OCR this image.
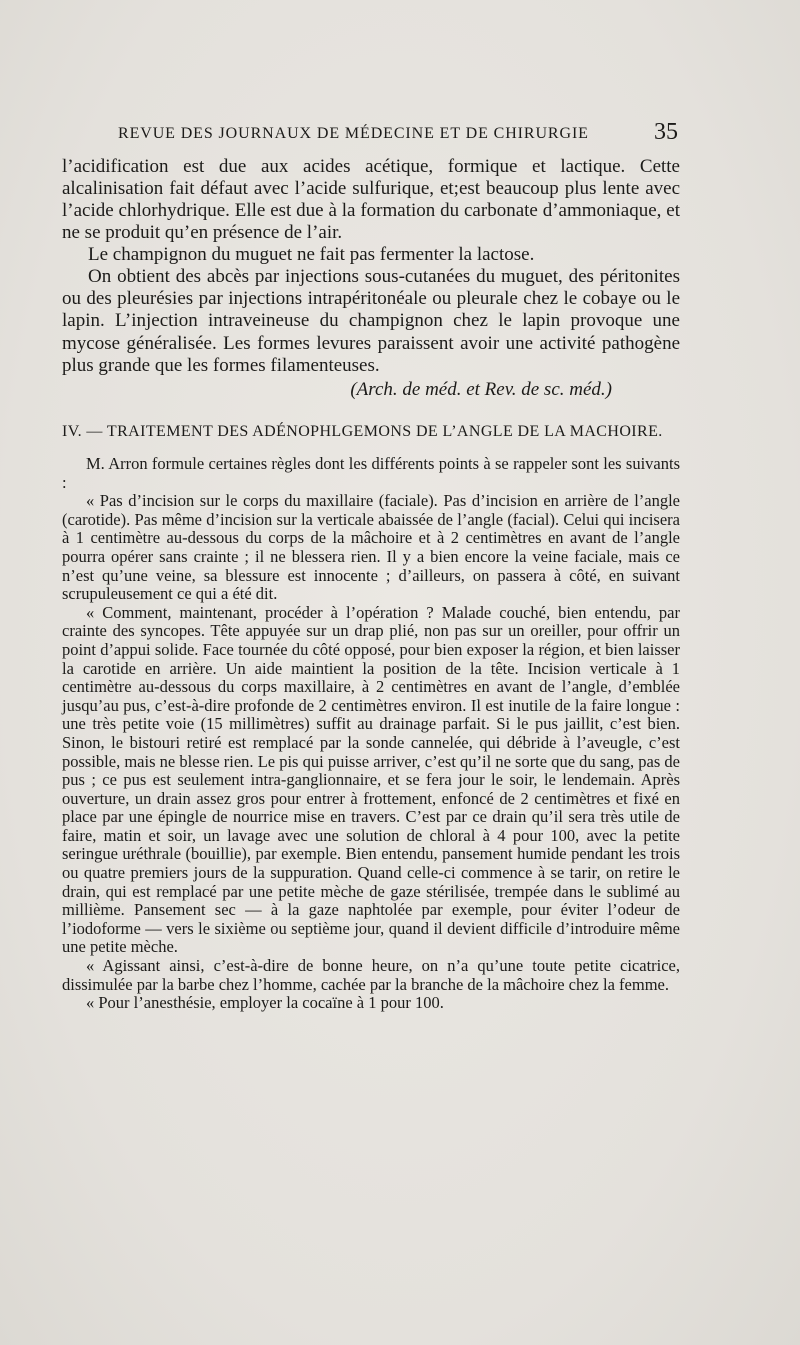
REVUE DES JOURNAUX DE MÉDECINE ET DE CHIRURGIE	35

l’acidification est due aux acides acétique, formique et lactique. Cette alcalinisation fait défaut avec l’acide sulfurique, et;est beaucoup plus lente avec l’acide chlorhydrique. Elle est due à la formation du carbonate d’ammoniaque, et ne se produit qu’en présence de l’air.

Le champignon du muguet ne fait pas fermenter la lactose.

On obtient des abcès par injections sous-cutanées du muguet, des péritonites ou des pleurésies par injections intrapéritonéale ou pleurale chez le cobaye ou le lapin. L’injection intraveineuse du champignon chez le lapin provoque une mycose généralisée. Les formes levures paraissent avoir une activité pathogène plus grande que les formes filamenteuses.

(Arch. de méd. et Rev. de sc. méd.)

IV. — TRAITEMENT DES ADÉNOPHLGEMONS DE L’ANGLE DE LA MACHOIRE.

M. Arron formule certaines règles dont les différents points à se rappeler sont les suivants :

« Pas d’incision sur le corps du maxillaire (faciale). Pas d’incision en arrière de l’angle (carotide). Pas même d’incision sur la verticale abaissée de l’angle (facial). Celui qui incisera à 1 centimètre au-dessous du corps de la mâchoire et à 2 centimètres en avant de l’angle pourra opérer sans crainte ; il ne blessera rien. Il y a bien encore la veine faciale, mais ce n’est qu’une veine, sa blessure est innocente ; d’ailleurs, on passera à côté, en suivant scrupuleusement ce qui a été dit.

« Comment, maintenant, procéder à l’opération ? Malade couché, bien entendu, par crainte des syncopes. Tête appuyée sur un drap plié, non pas sur un oreiller, pour offrir un point d’appui solide. Face tournée du côté opposé, pour bien exposer la région, et bien laisser la carotide en arrière. Un aide maintient la position de la tête. Incision verticale à 1 centimètre au-dessous du corps maxillaire, à 2 centimètres en avant de l’angle, d’emblée jusqu’au pus, c’est-à-dire profonde de 2 centimètres environ. Il est inutile de la faire longue : une très petite voie (15 millimètres) suffit au drainage parfait. Si le pus jaillit, c’est bien. Sinon, le bistouri retiré est remplacé par la sonde cannelée, qui débride à l’aveugle, c’est possible, mais ne blesse rien. Le pis qui puisse arriver, c’est qu’il ne sorte que du sang, pas de pus ; ce pus est seulement intra-ganglionnaire, et se fera jour le soir, le lendemain. Après ouverture, un drain assez gros pour entrer à frottement, enfoncé de 2 centimètres et fixé en place par une épingle de nourrice mise en travers. C’est par ce drain qu’il sera très utile de faire, matin et soir, un lavage avec une solution de chloral à 4 pour 100, avec la petite seringue uréthrale (bouillie), par exemple. Bien entendu, pansement humide pendant les trois ou quatre premiers jours de la suppuration. Quand celle-ci commence à se tarir, on retire le drain, qui est remplacé par une petite mèche de gaze stérilisée, trempée dans le sublimé au millième. Pansement sec — à la gaze naphtolée par exemple, pour éviter l’odeur de l’iodoforme — vers le sixième ou septième jour, quand il devient difficile d’introduire même une petite mèche.

« Agissant ainsi, c’est-à-dire de bonne heure, on n’a qu’une toute petite cicatrice, dissimulée par la barbe chez l’homme, cachée par la branche de la mâchoire chez la femme.

« Pour l’anesthésie, employer la cocaïne à 1 pour 100.
